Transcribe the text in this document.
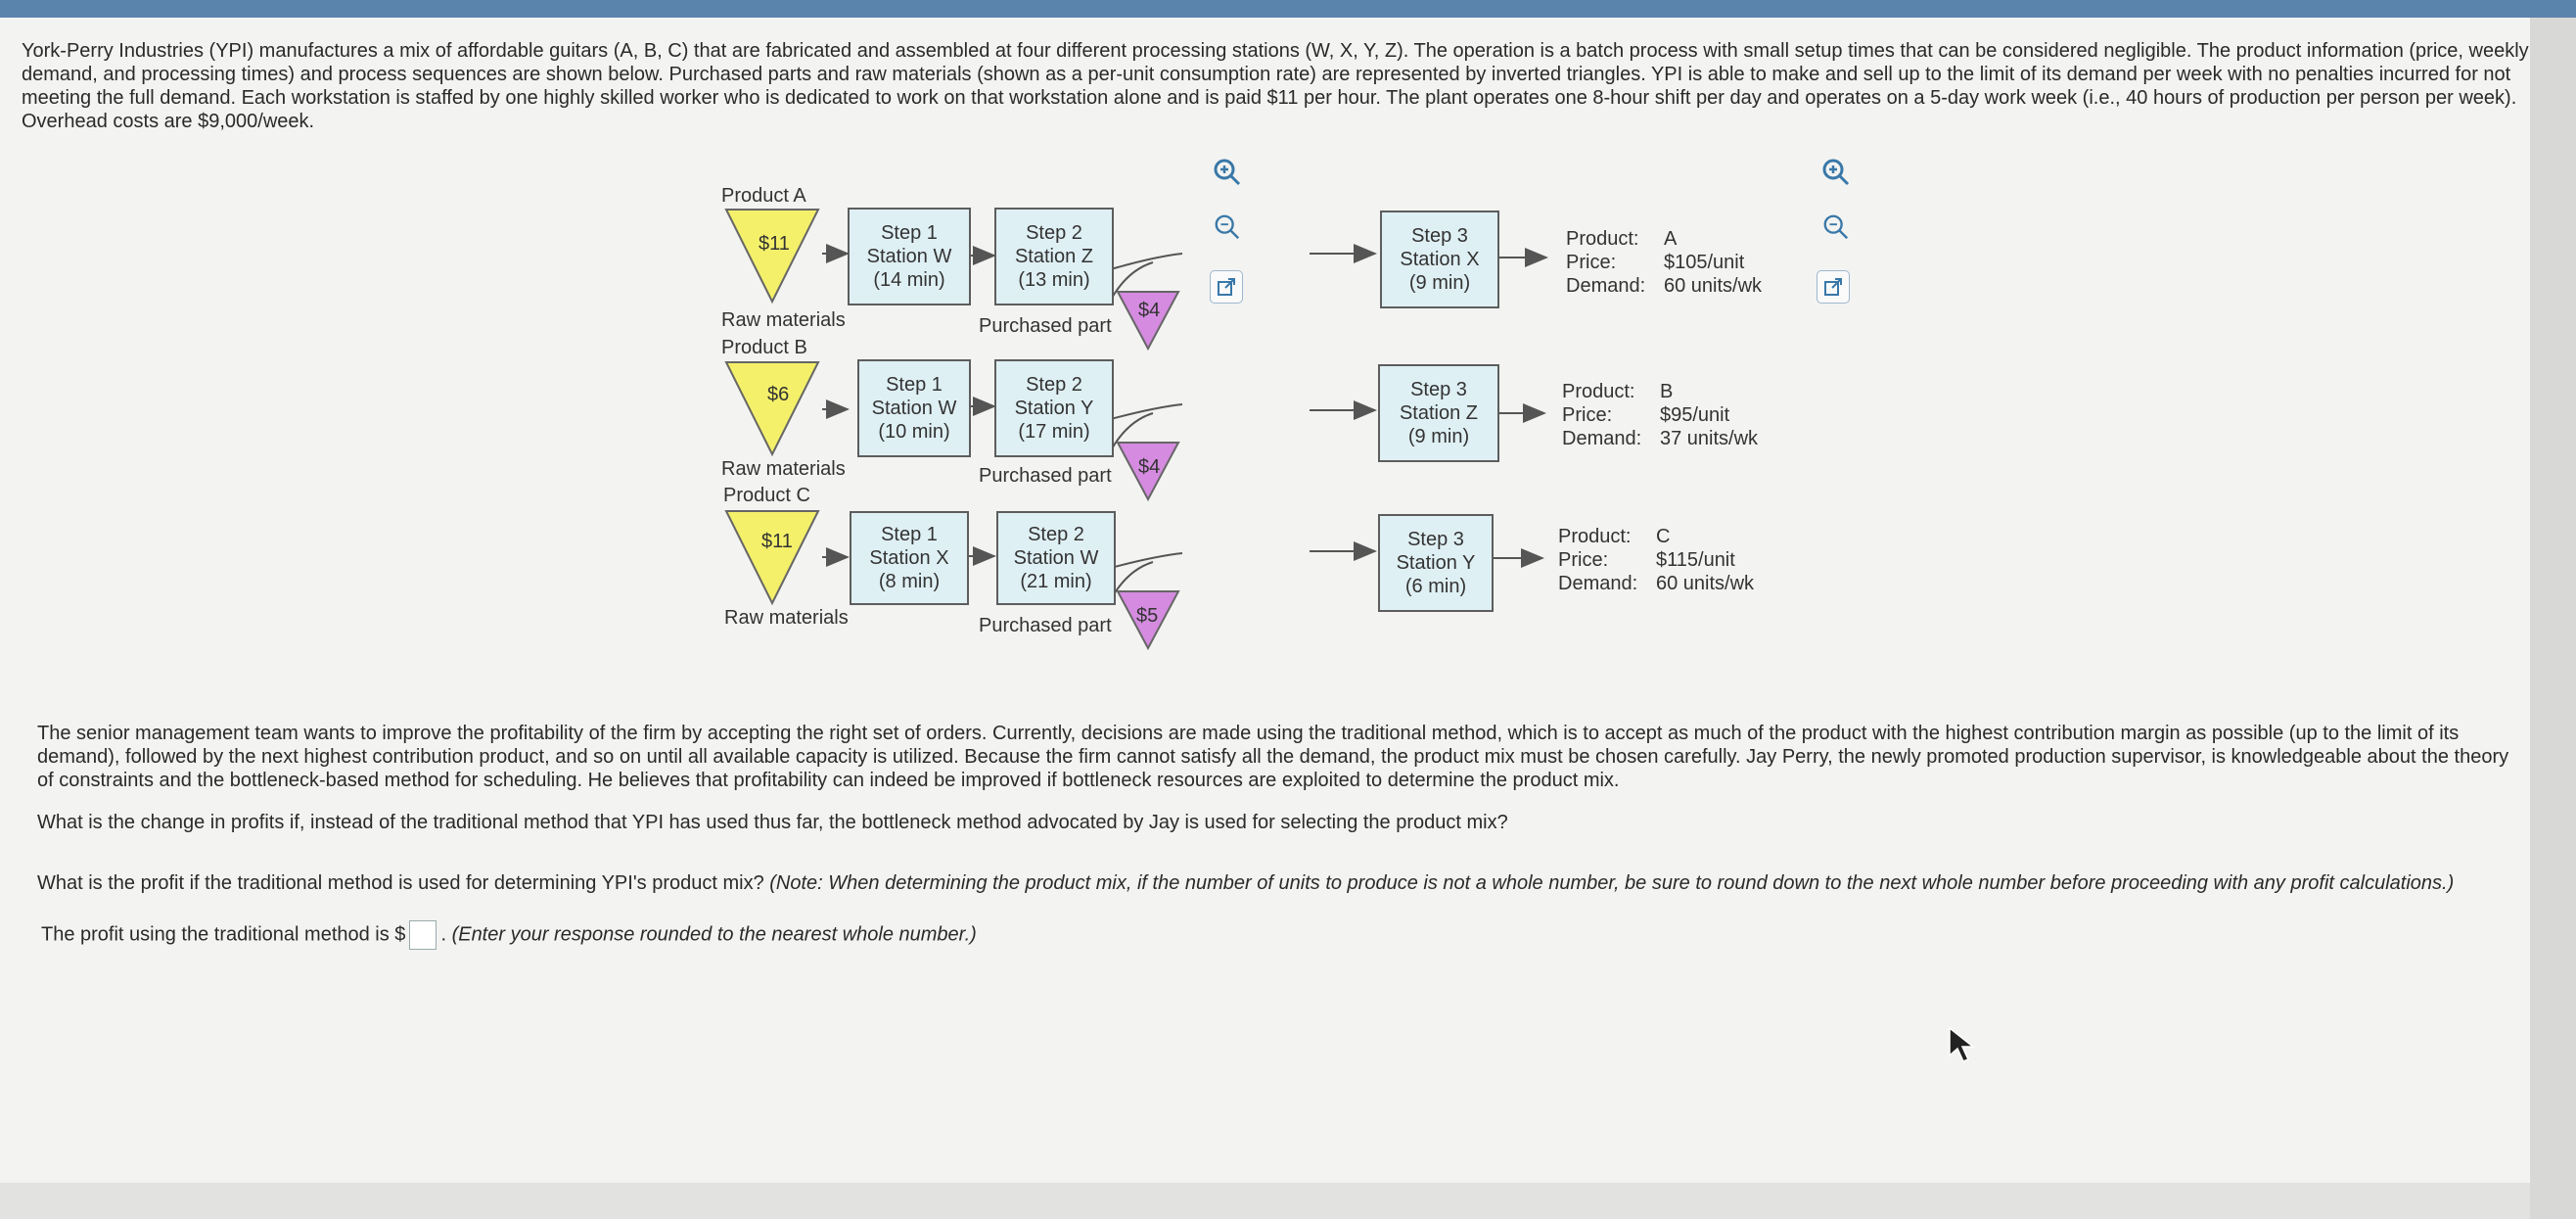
York-Perry Industries (YPI) manufactures a mix of affordable guitars (A, B, C) that are fabricated and assembled at four different processing stations (W, X, Y, Z). The operation is a batch process with small setup times that can be considered negligible. The product information (price, weekly demand, and processing times) and process sequences are shown below. Purchased parts and raw materials (shown as a per-unit consumption rate) are represented by inverted triangles. YPI is able to make and sell up to the limit of its demand per week with no penalties incurred for not meeting the full demand. Each workstation is staffed by one highly skilled worker who is dedicated to work on that workstation alone and is paid $11 per hour. The plant operates one 8-hour shift per day and operates on a 5-day work week (i.e., 40 hours of production per person per week). Overhead costs are $9,000/week.
Product A
$11
Raw materials
Step 1
Station W
(14 min)
Step 2
Station Z
(13 min)
$4
Purchased part
Step 3
Station X
(9 min)
Product:	A
Price:	$105/unit
Demand: 60 units/wk
Product B
$6
Raw materials
Step 1
Station W
(10 min)
Step 2
Station Y
(17 min)
$4
Purchased part
Step 3
Station Z
(9 min)
Product:	B
Price:	$95/unit
Demand: 37 units/wk
Product C
$11
Raw materials
Step 1
Station X
(8 min)
Step 2
Station W
(21 min)
$5
Purchased part
Step 3
Station Y
(6 min)
Product:	C
Price:	$115/unit
Demand: 60 units/wk
The senior management team wants to improve the profitability of the firm by accepting the right set of orders. Currently, decisions are made using the traditional method, which is to accept as much of the product with the highest contribution margin as possible (up to the limit of its demand), followed by the next highest contribution product, and so on until all available capacity is utilized. Because the firm cannot satisfy all the demand, the product mix must be chosen carefully. Jay Perry, the newly promoted production supervisor, is knowledgeable about the theory of constraints and the bottleneck-based method for scheduling. He believes that profitability can indeed be improved if bottleneck resources are exploited to determine the product mix.
What is the change in profits if, instead of the traditional method that YPI has used thus far, the bottleneck method advocated by Jay is used for selecting the product mix?
What is the profit if the traditional method is used for determining YPI's product mix? (Note: When determining the product mix, if the number of units to produce is not a whole number, be sure to round down to the next whole number before proceeding with any profit calculations.)
The profit using the traditional method is $ . (Enter your response rounded to the nearest whole number.)
